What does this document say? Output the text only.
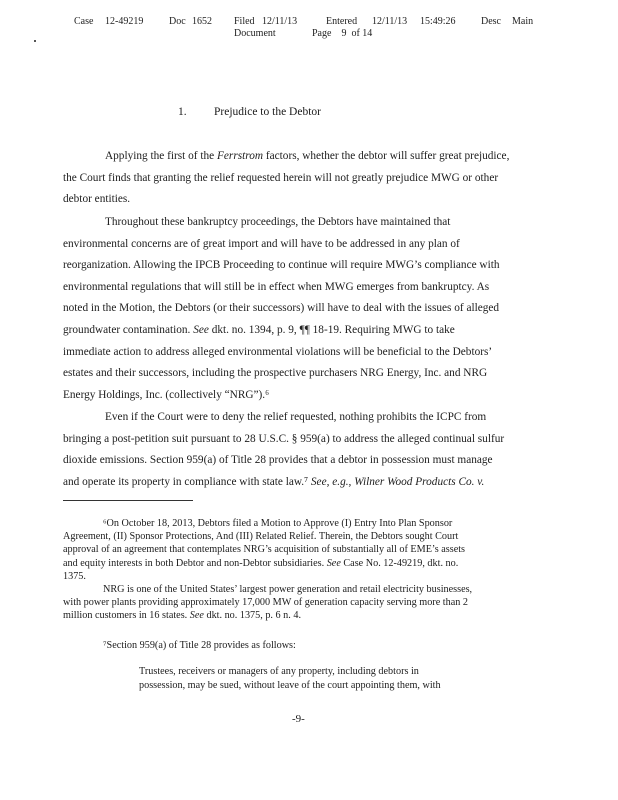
Case 12-49219	Doc 1652 Filed 12/11/13	Entered 12/11/13 15:49:26	Desc Main
Document	Page    9  of 14
1. Prejudice to the Debtor
Applying the first of the Ferrstrom factors, whether the debtor will suffer great prejudice,
the Court finds that granting the relief requested herein will not greatly prejudice MWG or other
debtor entities.
Throughout these bankruptcy proceedings, the Debtors have maintained that
environmental concerns are of great import and will have to be addressed in any plan of
reorganization. Allowing the IPCB Proceeding to continue will require MWG’s compliance with
environmental regulations that will still be in effect when MWG emerges from bankruptcy. As
noted in the Motion, the Debtors (or their successors) will have to deal with the issues of alleged
groundwater contamination. See dkt. no. 1394, p. 9, ¶¶ 18-19. Requiring MWG to take
immediate action to address alleged environmental violations will be beneficial to the Debtors’
estates and their successors, including the prospective purchasers NRG Energy, Inc. and NRG
Energy Holdings, Inc. (collectively “NRG”).⁶
Even if the Court were to deny the relief requested, nothing prohibits the ICPC from
bringing a post-petition suit pursuant to 28 U.S.C. § 959(a) to address the alleged continual sulfur
dioxide emissions. Section 959(a) of Title 28 provides that a debtor in possession must manage
and operate its property in compliance with state law.⁷ See, e.g., Wilner Wood Products Co. v.
⁶On October 18, 2013, Debtors filed a Motion to Approve (I) Entry Into Plan Sponsor
Agreement, (II) Sponsor Protections, And (III) Related Relief. Therein, the Debtors sought Court
approval of an agreement that contemplates NRG’s acquisition of substantially all of EME’s assets
and equity interests in both Debtor and non-Debtor subsidiaries. See Case No. 12-49219, dkt. no.
1375.
NRG is one of the United States’ largest power generation and retail electricity businesses,
with power plants providing approximately 17,000 MW of generation capacity serving more than 2
million customers in 16 states. See dkt. no. 1375, p. 6 n. 4.
⁷Section 959(a) of Title 28 provides as follows:
Trustees, receivers or managers of any property, including debtors in
possession, may be sued, without leave of the court appointing them, with
-9-
